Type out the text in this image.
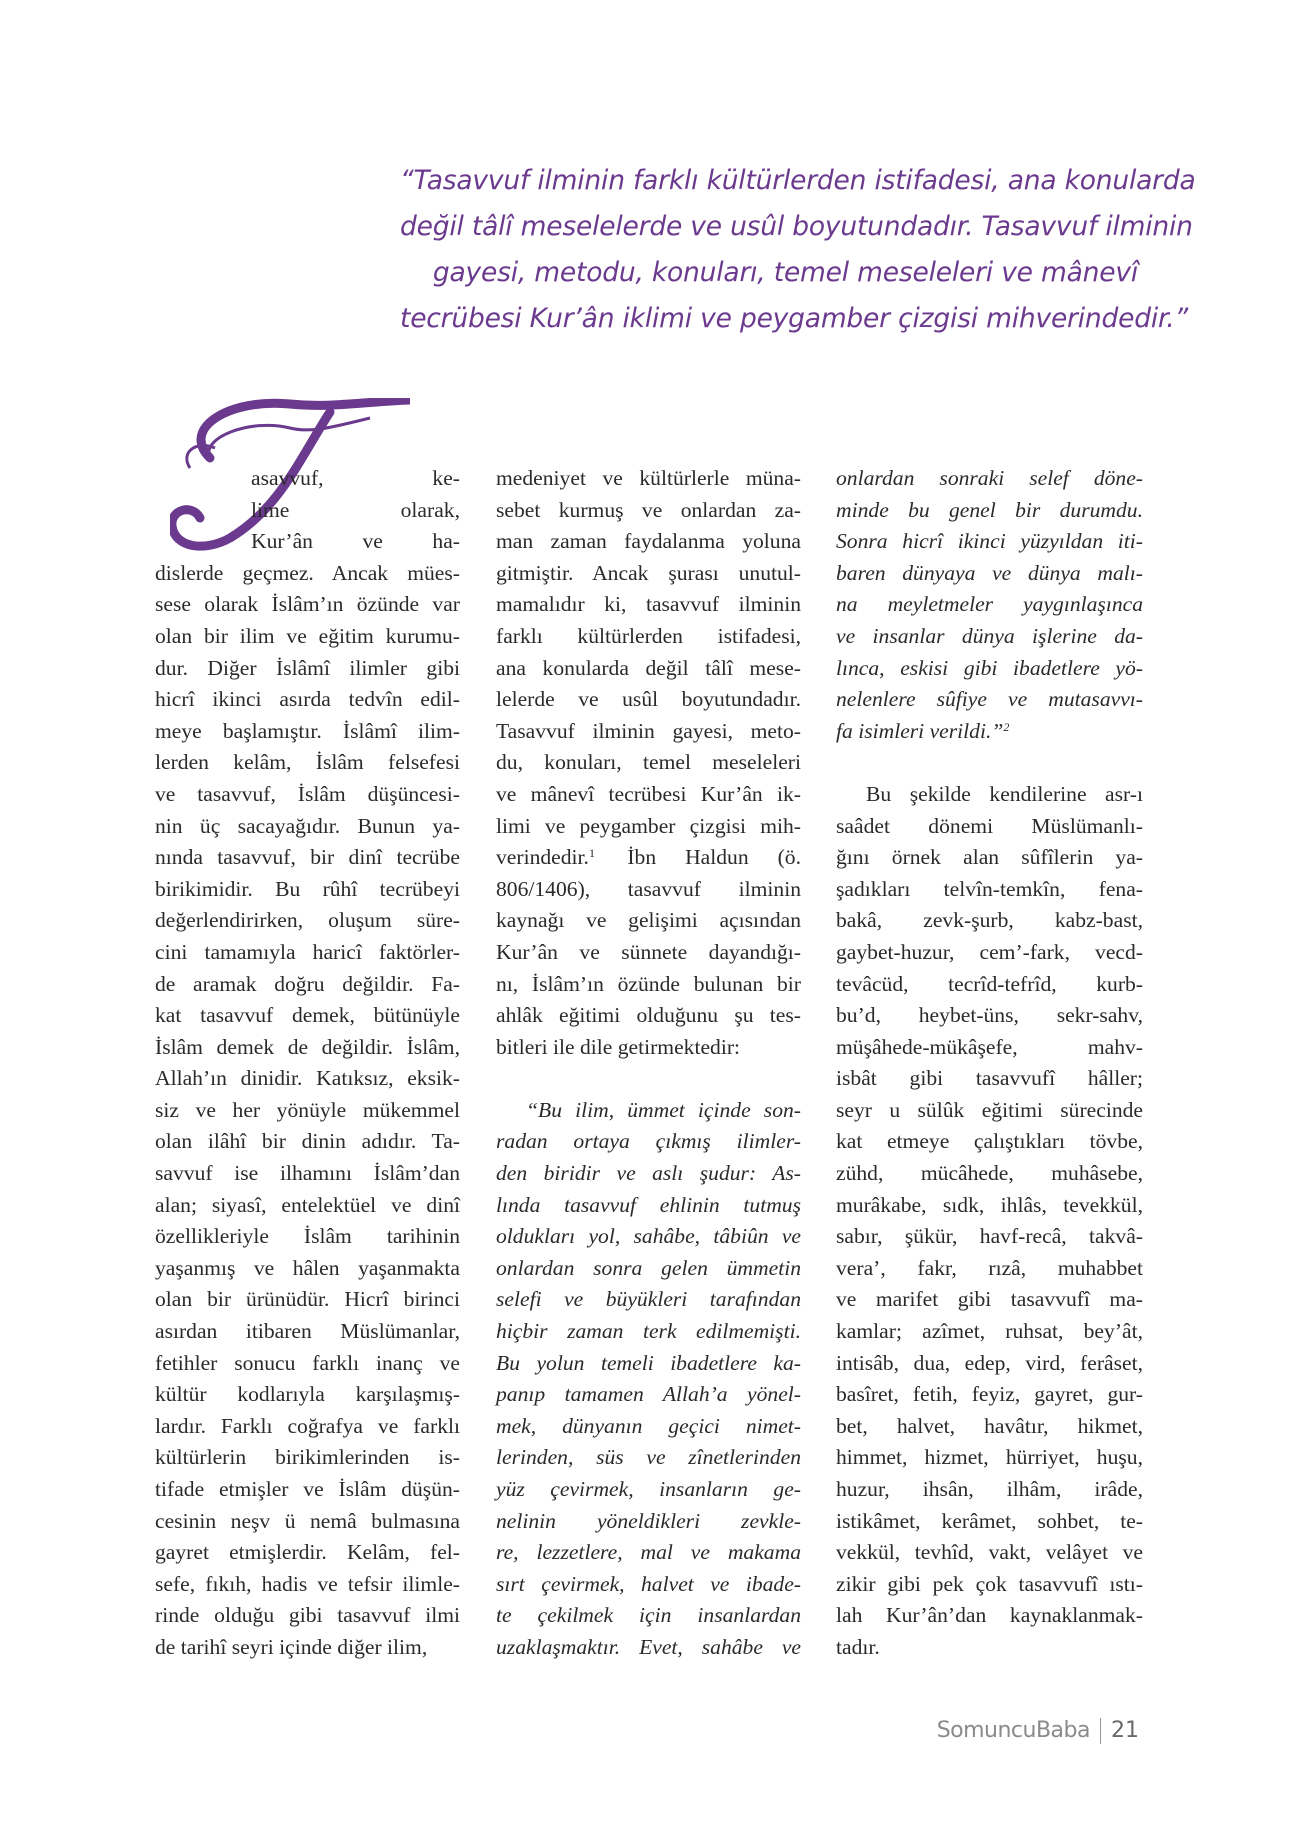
“Tasavvuf ilminin farklı kültürlerden istifadesi, ana konularda
değil tâlî meselelerde ve usûl boyutundadır. Tasavvuf ilminin
gayesi, metodu, konuları, temel meseleleri ve mânevî
tecrübesi Kur’ân iklimi ve peygamber çizgisi mihverindedir.”
asavvuf, ke-
lime olarak,
Kur’ân ve ha-
dislerde geçmez. Ancak mües-
sese olarak İslâm’ın özünde var
olan bir ilim ve eğitim kurumu-
dur. Diğer İslâmî ilimler gibi
hicrî ikinci asırda tedvîn edil-
meye başlamıştır. İslâmî ilim-
lerden kelâm, İslâm felsefesi
ve tasavvuf, İslâm düşüncesi-
nin üç sacayağıdır. Bunun ya-
nında tasavvuf, bir dinî tecrübe
birikimidir. Bu rûhî tecrübeyi
değerlendirirken, oluşum süre-
cini tamamıyla haricî faktörler-
de aramak doğru değildir. Fa-
kat tasavvuf demek, bütünüyle
İslâm demek de değildir. İslâm,
Allah’ın dinidir. Katıksız, eksik-
siz ve her yönüyle mükemmel
olan ilâhî bir dinin adıdır. Ta-
savvuf ise ilhamını İslâm’dan
alan; siyasî, entelektüel ve dinî
özellikleriyle İslâm tarihinin
yaşanmış ve hâlen yaşanmakta
olan bir ürünüdür. Hicrî birinci
asırdan itibaren Müslümanlar,
fetihler sonucu farklı inanç ve
kültür kodlarıyla karşılaşmış-
lardır. Farklı coğrafya ve farklı
kültürlerin birikimlerinden is-
tifade etmişler ve İslâm düşün-
cesinin neşv ü nemâ bulmasına
gayret etmişlerdir. Kelâm, fel-
sefe, fıkıh, hadis ve tefsir ilimle-
rinde olduğu gibi tasavvuf ilmi
de tarihî seyri içinde diğer ilim,
medeniyet ve kültürlerle müna-
sebet kurmuş ve onlardan za-
man zaman faydalanma yoluna
gitmiştir. Ancak şurası unutul-
mamalıdır ki, tasavvuf ilminin
farklı kültürlerden istifadesi,
ana konularda değil tâlî mese-
lelerde ve usûl boyutundadır.
Tasavvuf ilminin gayesi, meto-
du, konuları, temel meseleleri
ve mânevî tecrübesi Kur’ân ik-
limi ve peygamber çizgisi mih-
verindedir.$^1$   İbn Haldun (ö.
806/1406), tasavvuf ilminin
kaynağı ve gelişimi açısından
Kur’ân ve sünnete dayandığı-
nı, İslâm’ın özünde bulunan bir
ahlâk eğitimi olduğunu şu tes-
bitleri ile dile getirmektedir:
“Bu ilim, ümmet içinde son-
radan ortaya çıkmış ilimler-
den biridir ve aslı şudur: As-
lında tasavvuf ehlinin tutmuş
oldukları yol, sahâbe, tâbiûn ve
onlardan sonra gelen ümmetin
selefi ve büyükleri tarafından
hiçbir zaman terk edilmemişti.
Bu yolun temeli ibadetlere ka-
panıp tamamen Allah’a yönel-
mek, dünyanın geçici nimet-
lerinden, süs ve zînetlerinden
yüz çevirmek, insanların ge-
nelinin yöneldikleri zevkle-
re, lezzetlere, mal ve makama
sırt çevirmek, halvet ve ibade-
te çekilmek için insanlardan
uzaklaşmaktır. Evet, sahâbe ve
onlardan sonraki selef döne-
minde bu genel bir durumdu.
Sonra hicrî ikinci yüzyıldan iti-
baren dünyaya ve dünya malı-
na meyletmeler yaygınlaşınca
ve insanlar dünya işlerine da-
lınca, eskisi gibi ibadetlere yö-
nelenlere sûfiye ve mutasavvı-
fa isimleri verildi.”$^2$
Bu şekilde kendilerine asr-ı
saâdet dönemi Müslümanlı-
ğını örnek alan sûfîlerin ya-
şadıkları telvîn-temkîn, fena-
bakâ, zevk-şurb, kabz-bast,
gaybet-huzur, cem’-fark, vecd-
tevâcüd, tecrîd-tefrîd, kurb-
bu’d, heybet-üns, sekr-sahv,
müşâhede-mükâşefe, mahv-
isbât gibi tasavvufî hâller;
seyr u sülûk eğitimi sürecinde
kat etmeye çalıştıkları tövbe,
zühd, mücâhede, muhâsebe,
murâkabe, sıdk, ihlâs, tevekkül,
sabır, şükür, havf-recâ, takvâ-
vera’, fakr, rızâ, muhabbet
ve marifet gibi tasavvufî ma-
kamlar; azîmet, ruhsat, bey’ât,
intisâb, dua, edep, vird, ferâset,
basîret, fetih, feyiz, gayret, gur-
bet, halvet, havâtır, hikmet,
himmet, hizmet, hürriyet, huşu,
huzur, ihsân, ilhâm, irâde,
istikâmet, kerâmet, sohbet, te-
vekkül, tevhîd, vakt, velâyet ve
zikir gibi pek çok tasavvufî ıstı-
lah Kur’ân’dan kaynaklanmak-
tadır.
SomuncuBaba 21
